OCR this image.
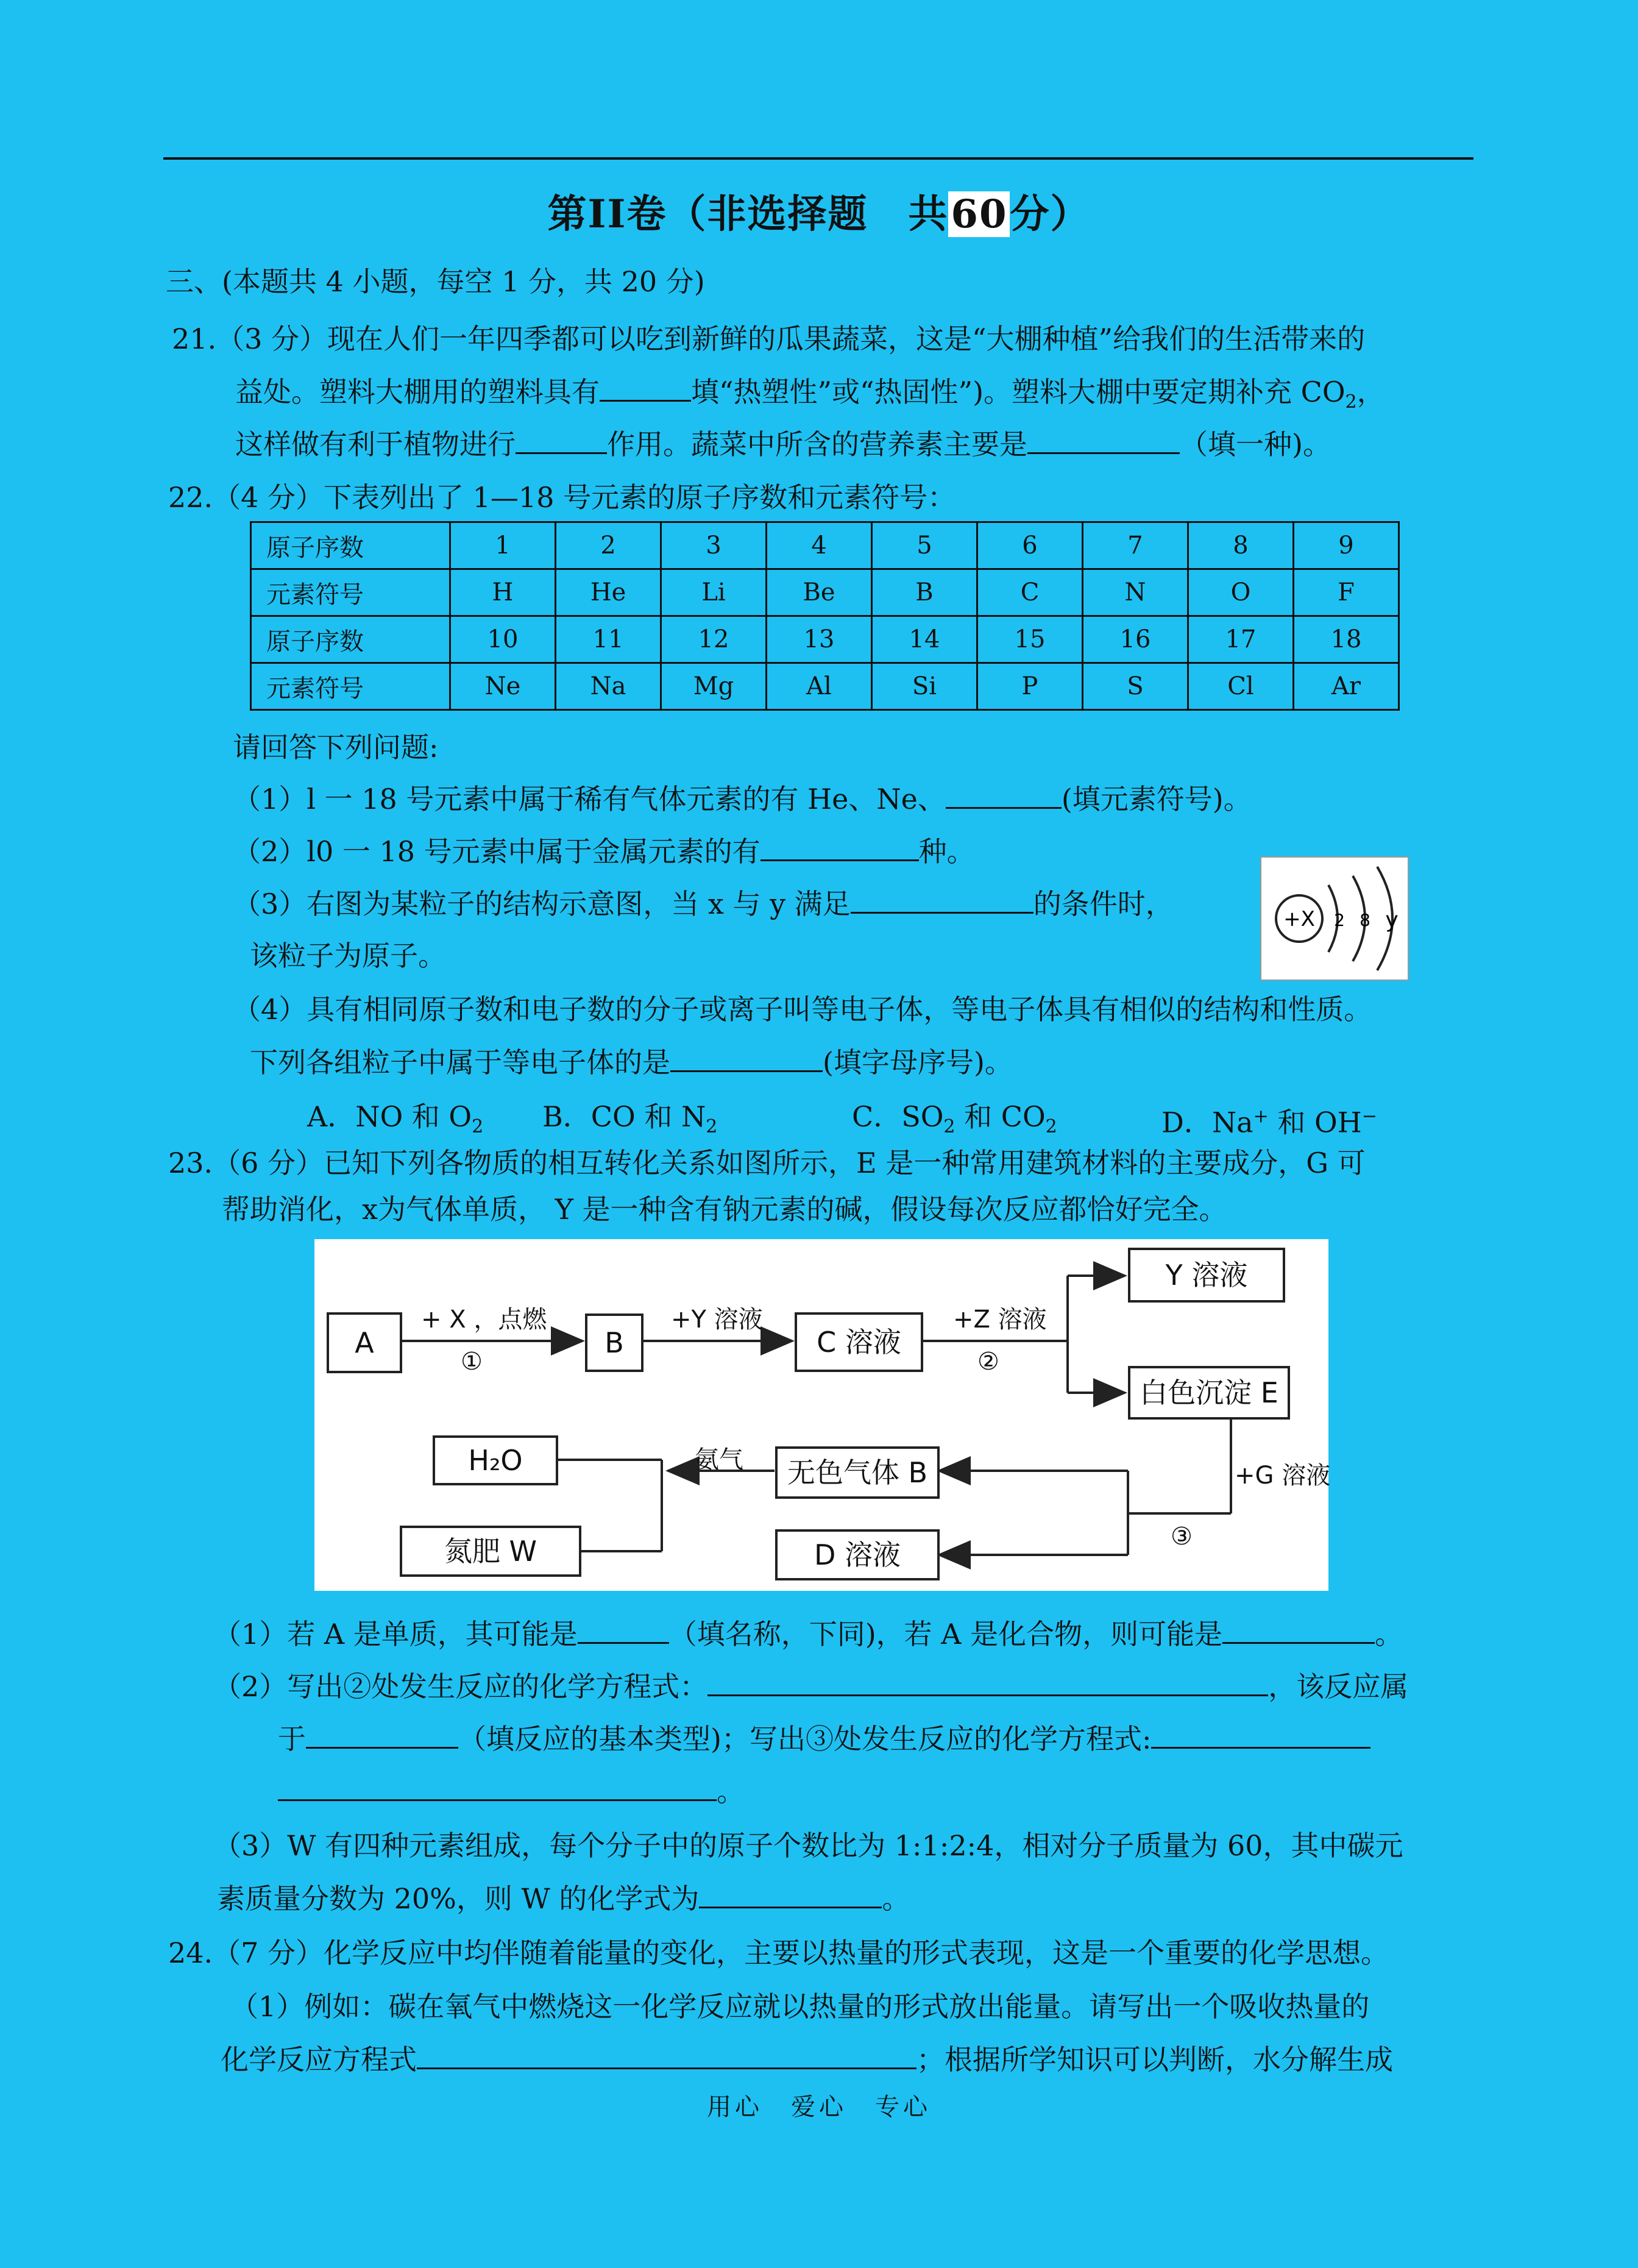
第II卷（非选择题　共60分）
三、(本题共 4 小题，每空 1 分，共 20 分)
21.（3 分）现在人们一年四季都可以吃到新鲜的瓜果蔬菜，这是“大棚种植”给我们的生活带来的
益处。塑料大棚用的塑料具有	填“热塑性”或“热固性”)。塑料大棚中要定期补充 $CO_2$，
这样做有利于植物进行	作用。蔬菜中所含的营养素主要是	（填一种)。
22.（4 分）下表列出了 1—18 号元素的原子序数和元素符号：
原子序数	1	2	3	4	5	6	7	8	9
元素符号	H	He	Li	Be	B	C	N	O	F
原子序数	10	11	12	13	14	15	16	17	18
元素符号	Ne	Na	Mg	Al	Si	P	S	Cl	Ar
请回答下列问题:
（1）l 一 18 号元素中属于稀有气体元素的有 He、Ne、	(填元素符号)。
（2）l0 一 18 号元素中属于金属元素的有	种。
（3）右图为某粒子的结构示意图，当 x 与 y 满足	的条件时，
该粒子为原子。
+X 2 8 y
（4）具有相同原子数和电子数的分子或离子叫等电子体，等电子体具有相似的结构和性质。
下列各组粒子中属于等电子体的是	(填字母序号)。
A．NO 和 $O_2$ B．CO 和 $N_2$	C．$SO_2$ 和 $CO_2$	D．Na+ 和 OH−
23.（6 分）已知下列各物质的相互转化关系如图所示，E 是一种常用建筑材料的主要成分，G 可
帮助消化，x为气体单质， Y 是一种含有钠元素的碱，假设每次反应都恰好完全。
A	B	C 溶液
Y 溶液
白色沉淀 E
无色气体 B
D 溶液
H₂O
氮肥 W
+ X ，点燃
①
+Y 溶液	+Z 溶液
②
+G 溶液
③
氨气
（1）若 A 是单质，其可能是	（填名称，下同)，若 A 是化合物，则可能是	。
（2）写出②处发生反应的化学方程式：	，该反应属
于	（填反应的基本类型)；写出③处发生反应的化学方程式:
。
（3）W 有四种元素组成，每个分子中的原子个数比为 1:1:2:4，相对分子质量为 60，其中碳元
素质量分数为 20%，则 W 的化学式为	。
24.（7 分）化学反应中均伴随着能量的变化，主要以热量的形式表现，这是一个重要的化学思想。
（1）例如：碳在氧气中燃烧这一化学反应就以热量的形式放出能量。请写出一个吸收热量的
化学反应方程式	；根据所学知识可以判断，水分解生成
用心　爱心　专心
